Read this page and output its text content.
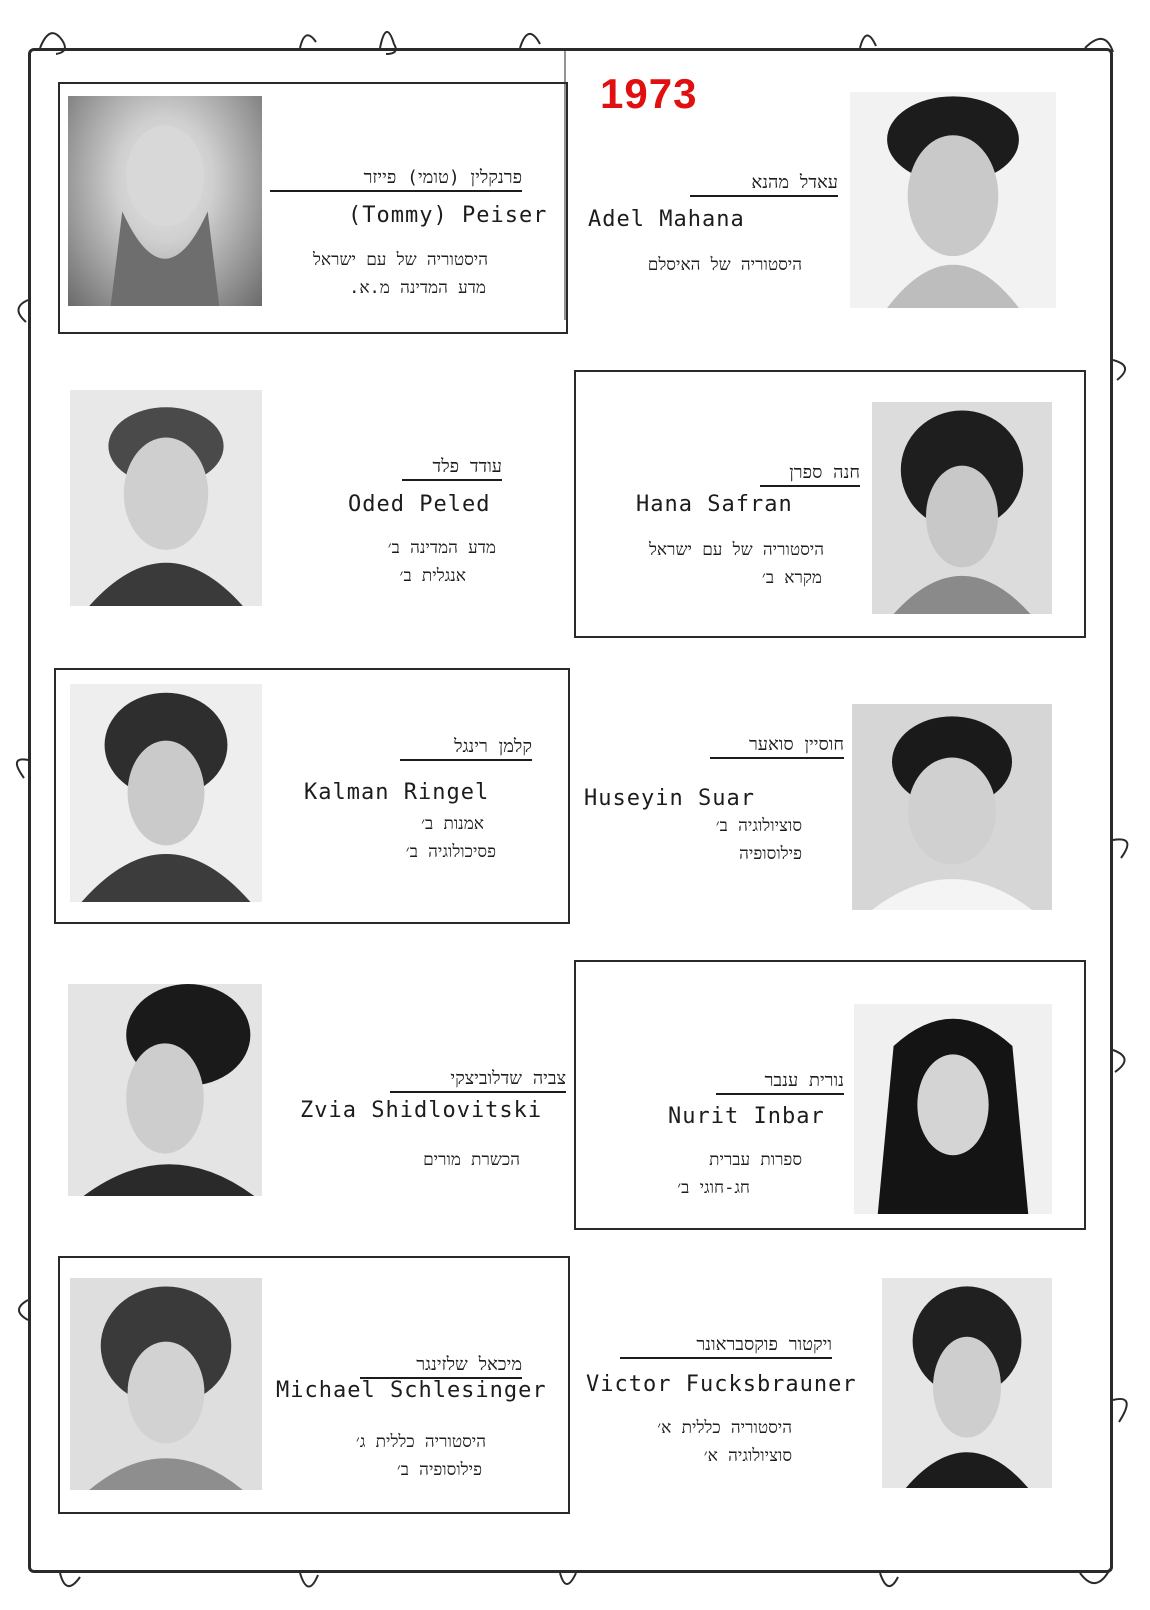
1973
פרנקלין (טומי) פייזר
(Tommy) Peiser
היסטוריה של עם ישראל
מדע המדינה מ.א.
עאדל מהנא
Adel Mahana
היסטוריה של האיסלם
עודד פלד
Oded Peled
מדע המדינה ב׳
אנגלית ב׳
חנה ספרן
Hana Safran
היסטוריה של עם ישראל
מקרא ב׳
קלמן רינגל
Kalman Ringel
אמנות ב׳
פסיכולוגיה ב׳
חוסיין סואער
Huseyin Suar
סוציולוגיה ב׳
פילוסופיה
צביה שדלוביצקי
Zvia Shidlovitski
הכשרת מורים
נורית ענבר
Nurit Inbar
ספרות עברית
חג-חוגי ב׳
מיכאל שלזינגר
Michael Schlesinger
היסטוריה כללית ג׳
פילוסופיה ב׳
ויקטור פוקסבראונר
Victor Fucksbrauner
היסטוריה כללית א׳
סוציולוגיה א׳
